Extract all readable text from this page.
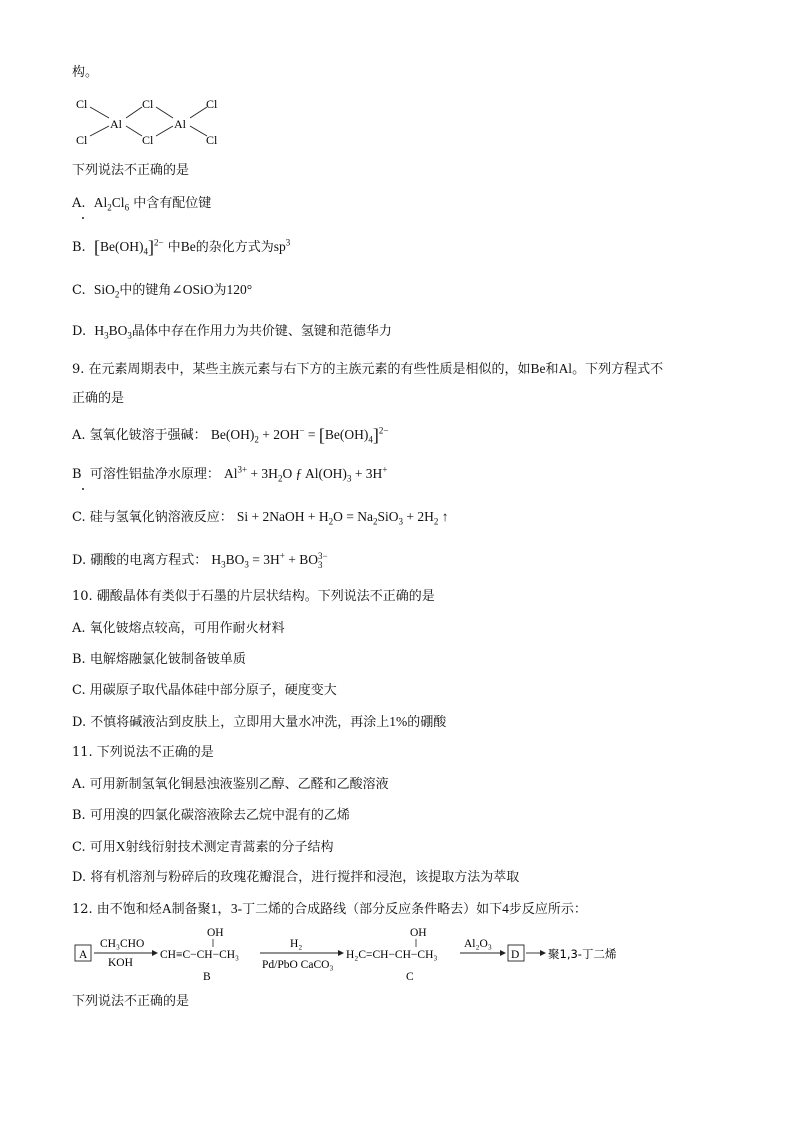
构。
Cl	Cl	Cl
Cl	Cl	Cl
Al	Al
下列说法不正确的是
A. $Al_2Cl_6$ 中含有配位键
B. $[Be(OH)_4]^{2-}$ 中Be的杂化方式为$sp^3$
C. SiO$_2$中的键角∠OSiO为120°
D. $H_3BO_3$晶体中存在作用力为共价键、氢键和范德华力
9. 在元素周期表中，某些主族元素与右下方的主族元素的有些性质是相似的，如Be和Al。下列方程式不
正确的是
A. 氢氧化铍溶于强碱： $Be(OH)_2 + 2OH^- = [Be(OH)_4]^{2-}$
B 可溶性铝盐净水原理： $Al^{3+} + 3H_2O$ ƒ $Al(OH)_3 + 3H^+$
C. 硅与氢氧化钠溶液反应： Si + 2NaOH + $H_2O = Na_2SiO_3 + 2H_2$ ↑
D. 硼酸的电离方程式： $H_3BO_3 = 3H^+$ + BO 3−
3
10. 硼酸晶体有类似于石墨的片层状结构。下列说法不正确的是
A. 氧化铍熔点较高，可用作耐火材料
B. 电解熔融氯化铍制备铍单质
C. 用碳原子取代晶体硅中部分原子，硬度变大
D. 不慎将碱液沾到皮肤上，立即用大量水冲洗，再涂上1%的硼酸
11. 下列说法不正确的是
A. 可用新制氢氧化铜悬浊液鉴别乙醇、乙醛和乙酸溶液
B. 可用溴的四氯化碳溶液除去乙烷中混有的乙烯
C. 可用X射线衍射技术测定青蒿素的分子结构
D. 将有机溶剂与粉碎后的玫瑰花瓣混合，进行搅拌和浸泡，该提取方法为萃取
12. 由不饱和烃A制备聚1，3-丁二烯的合成路线（部分反应条件略去）如下4步反应所示：
A
CH₃CHO
KOH
CH≡C−CH−CH₃
OH
B
H₂
Pd/PbO CaCO₃
H₂C=CH−CH−CH₃
OH
C
Al₂O₃
D 聚1,3-丁二烯
下列说法不正确的是
